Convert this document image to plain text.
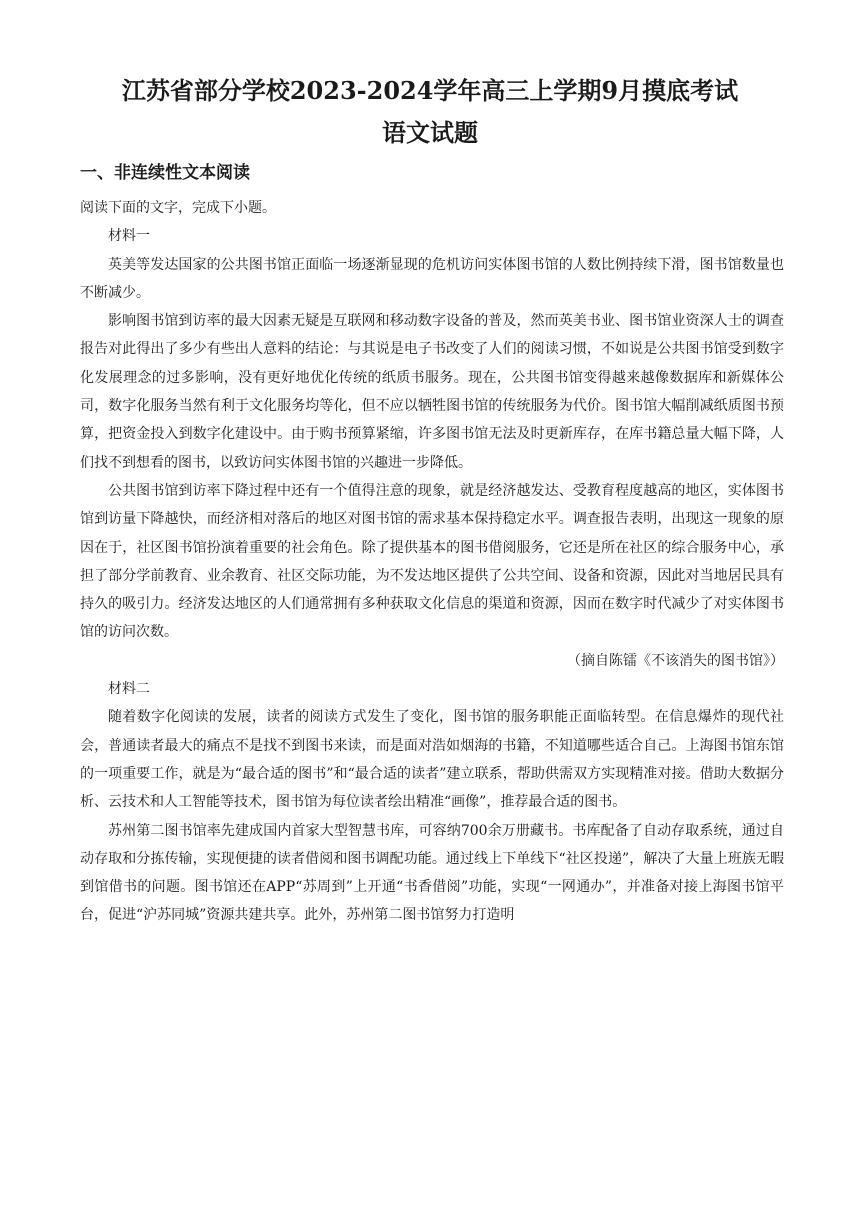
江苏省部分学校2023-2024学年高三上学期9月摸底考试
语文试题
一、非连续性文本阅读

阅读下面的文字，完成下小题。

材料一

英美等发达国家的公共图书馆正面临一场逐渐显现的危机访问实体图书馆的人数比例持续下滑，图书馆数量也不断减少。

影响图书馆到访率的最大因素无疑是互联网和移动数字设备的普及，然而英美书业、图书馆业资深人士的调查报告对此得出了多少有些出人意料的结论：与其说是电子书改变了人们的阅读习惯，不如说是公共图书馆受到数字化发展理念的过多影响，没有更好地优化传统的纸质书服务。现在，公共图书馆变得越来越像数据库和新媒体公司，数字化服务当然有利于文化服务均等化，但不应以牺牲图书馆的传统服务为代价。图书馆大幅削减纸质图书预算，把资金投入到数字化建设中。由于购书预算紧缩，许多图书馆无法及时更新库存，在库书籍总量大幅下降，人们找不到想看的图书，以致访问实体图书馆的兴趣进一步降低。

公共图书馆到访率下降过程中还有一个值得注意的现象，就是经济越发达、受教育程度越高的地区，实体图书馆到访量下降越快，而经济相对落后的地区对图书馆的需求基本保持稳定水平。调查报告表明，出现这一现象的原因在于，社区图书馆扮演着重要的社会角色。除了提供基本的图书借阅服务，它还是所在社区的综合服务中心，承担了部分学前教育、业余教育、社区交际功能，为不发达地区提供了公共空间、设备和资源，因此对当地居民具有持久的吸引力。经济发达地区的人们通常拥有多种获取文化信息的渠道和资源，因而在数字时代减少了对实体图书馆的访问次数。

（摘自陈镭《不该消失的图书馆》）

材料二

随着数字化阅读的发展，读者的阅读方式发生了变化，图书馆的服务职能正面临转型。在信息爆炸的现代社会，普通读者最大的痛点不是找不到图书来读，而是面对浩如烟海的书籍，不知道哪些适合自己。上海图书馆东馆的一项重要工作，就是为“最合适的图书”和“最合适的读者”建立联系，帮助供需双方实现精准对接。借助大数据分析、云技术和人工智能等技术，图书馆为每位读者绘出精准“画像”，推荐最合适的图书。

苏州第二图书馆率先建成国内首家大型智慧书库，可容纳700余万册藏书。书库配备了自动存取系统，通过自动存取和分拣传输，实现便捷的读者借阅和图书调配功能。通过线上下单线下“社区投递”，解决了大量上班族无暇到馆借书的问题。图书馆还在APP“苏周到”上开通“书香借阅”功能，实现“一网通办”，并准备对接上海图书馆平台，促进“沪苏同城”资源共建共享。此外，苏州第二图书馆努力打造明
